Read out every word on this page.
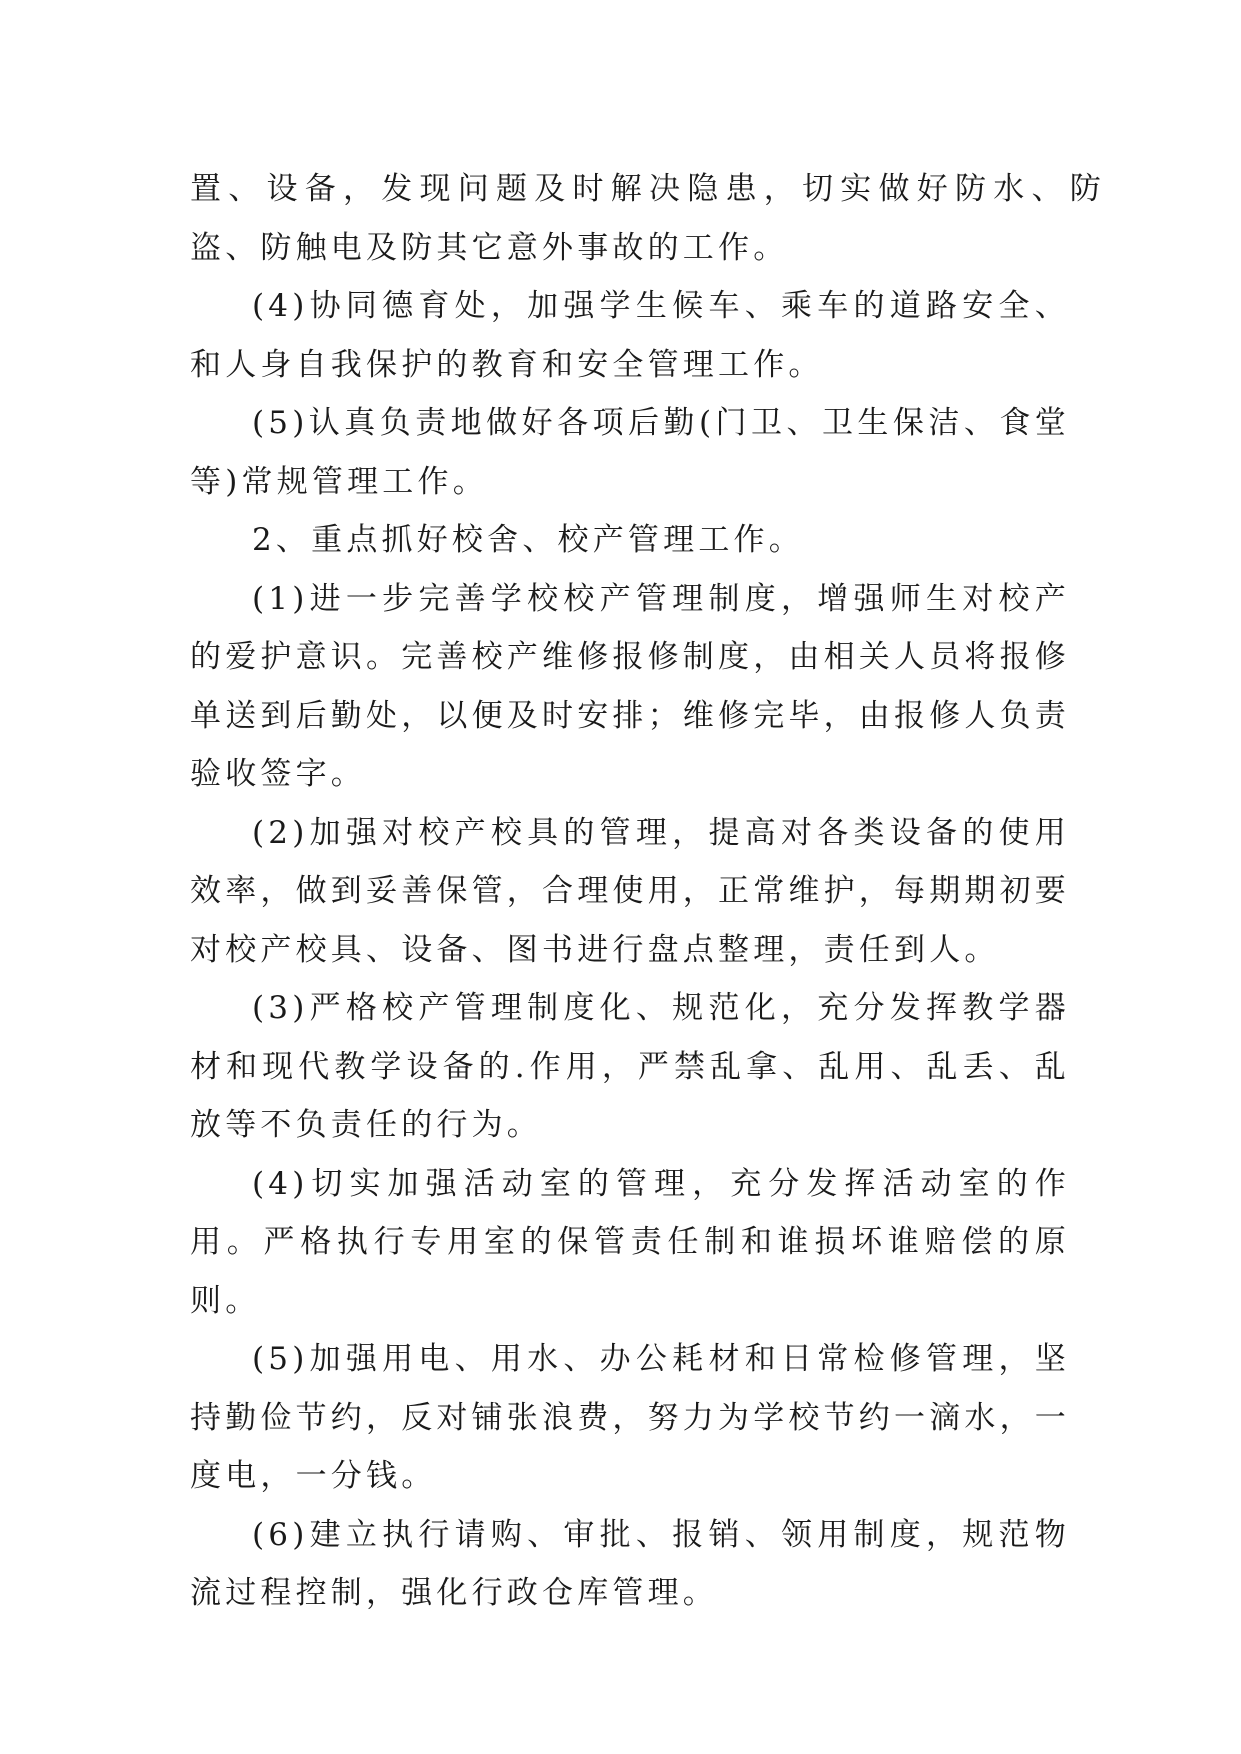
置、设备，发现问题及时解决隐患，切实做好防水、防盗、防触电及防其它意外事故的工作。

(4)协同德育处，加强学生候车、乘车的道路安全、和人身自我保护的教育和安全管理工作。

(5)认真负责地做好各项后勤(门卫、卫生保洁、食堂等)常规管理工作。

2、重点抓好校舍、校产管理工作。

(1)进一步完善学校校产管理制度，增强师生对校产的爱护意识。完善校产维修报修制度，由相关人员将报修单送到后勤处，以便及时安排；维修完毕，由报修人负责验收签字。

(2)加强对校产校具的管理，提高对各类设备的使用效率，做到妥善保管，合理使用，正常维护，每期期初要对校产校具、设备、图书进行盘点整理，责任到人。

(3)严格校产管理制度化、规范化，充分发挥教学器材和现代教学设备的.作用，严禁乱拿、乱用、乱丢、乱放等不负责任的行为。

(4)切实加强活动室的管理，充分发挥活动室的作用。严格执行专用室的保管责任制和谁损坏谁赔偿的原则。

(5)加强用电、用水、办公耗材和日常检修管理，坚持勤俭节约，反对铺张浪费，努力为学校节约一滴水，一度电，一分钱。

(6)建立执行请购、审批、报销、领用制度，规范物流过程控制，强化行政仓库管理。
